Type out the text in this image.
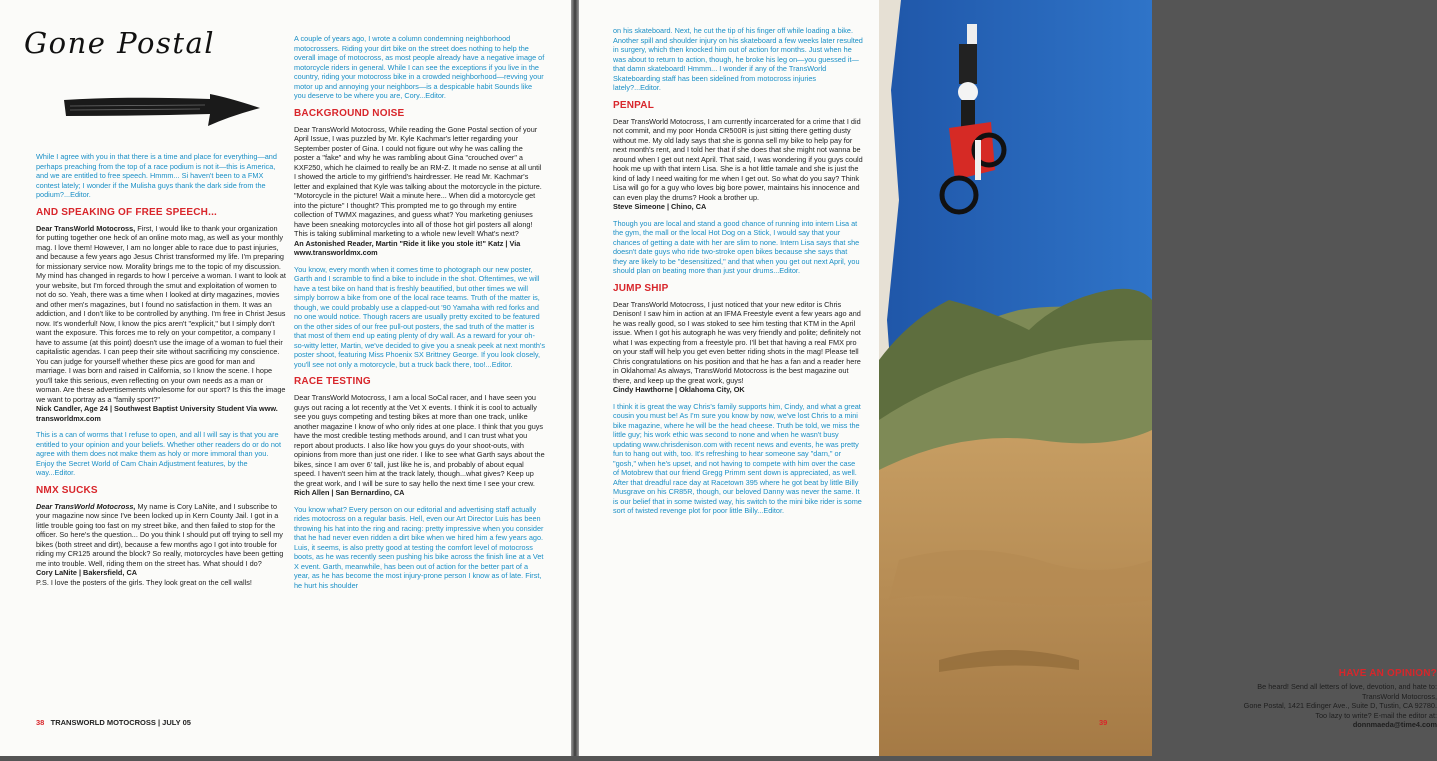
Gone Postal

While I agree with you in that there is a time and place for everything—and perhaps preaching from the top of a race podium is not it—this is America, and we are entitled to free speech. Hmmm... Si haven't been to a FMX contest lately; I wonder if the Mulisha guys thank the dark side from the podium?...Editor.

AND SPEAKING OF FREE SPEECH...

Dear TransWorld Motocross, First, I would like to thank your organization for putting together one heck of an online moto mag, as well as your monthly mag. I love them! However, I am no longer able to race due to past injuries, and because a few years ago Jesus Christ transformed my life. I'm preparing for missionary service now. Morality brings me to the topic of my discussion. My mind has changed in regards to how I perceive a woman. I want to look at your website, but I'm forced through the smut and exploitation of women to not do so. Yeah, there was a time when I looked at dirty magazines, movies and other men's magazines, but I found no satisfaction in them. It was an addiction, and I don't like to be controlled by anything. I'm free in Christ Jesus now. It's wonderful! Now, I know the pics aren't "explicit," but I simply don't want the exposure. This forces me to rely on your competitor, a company I have to assume (at this point) doesn't use the image of a woman to fuel their capitalistic agendas. I can peep their site without sacrificing my conscience. You can judge for yourself whether these pics are good for man and marriage. I was born and raised in California, so I know the scene. I hope you'll take this serious, even reflecting on your own needs as a man or woman. Are these advertisements wholesome for our sport? Is this the image we want to portray as a "family sport?"
Nick Candler, Age 24 | Southwest Baptist University Student Via www. transworldmx.com

This is a can of worms that I refuse to open, and all I will say is that you are entitled to your opinion and your beliefs. Whether other readers do or do not agree with them does not make them as holy or more immoral than you. Enjoy the Secret World of Cam Chain Adjustment features, by the way...Editor.

NMX SUCKS

Dear TransWorld Motocross, My name is Cory LaNite, and I subscribe to your magazine now since I've been locked up in Kern County Jail. I got in a little trouble going too fast on my street bike, and then failed to stop for the officer. So here's the question... Do you think I should put off trying to sell my bikes (both street and dirt), because a few months ago I got into trouble for riding my CR125 around the block? So really, motorcycles have been getting me into trouble. Well, riding them on the street has. What should I do?
Cory LaNite | Bakersfield, CA
P.S. I love the posters of the girls. They look great on the cell walls!

A couple of years ago, I wrote a column condemning neighborhood motocrossers. Riding your dirt bike on the street does nothing to help the overall image of motocross, as most people already have a negative image of motorcycle riders in general. While I can see the exceptions if you live in the country, riding your motocross bike in a crowded neighborhood—revving your motor up and annoying your neighbors—is a despicable habit Sounds like you deserve to be where you are, Cory...Editor.

BACKGROUND NOISE

Dear TransWorld Motocross, While reading the Gone Postal section of your April Issue, I was puzzled by Mr. Kyle Kachmar's letter regarding your September poster of Gina. I could not figure out why he was calling the poster a "fake" and why he was rambling about Gina "crouched over" a KXF250, which he claimed to really be an RM-Z. It made no sense at all until I showed the article to my girlfriend's hairdresser. He read Mr. Kachmar's letter and explained that Kyle was talking about the motorcycle in the picture. "Motorcycle in the picture! Wait a minute here... When did a motorcycle get into the picture" I thought? This prompted me to go through my entire collection of TWMX magazines, and guess what? You marketing geniuses have been sneaking motorcycles into all of those hot girl posters all along! This is taking subliminal marketing to a whole new level! What's next?
An Astonished Reader, Martin "Ride it like you stole it!" Katz | Via www.transworldmx.com

You know, every month when it comes time to photograph our new poster, Garth and I scramble to find a bike to include in the shot. Oftentimes, we will have a test bike on hand that is freshly beautified, but other times we will simply borrow a bike from one of the local race teams. Truth of the matter is, though, we could probably use a clapped-out '90 Yamaha with red forks and no one would notice. Though racers are usually pretty excited to be featured on the other sides of our free pull-out posters, the sad truth of the matter is that most of them end up eating plenty of dry wall. As a reward for your oh-so-witty letter, Martin, we've decided to give you a sneak peek at next month's poster shoot, featuring Miss Phoenix SX Brittney George. If you look closely, you'll see not only a motorcycle, but a truck back there, too!...Editor.

RACE TESTING

Dear TransWorld Motocross, I am a local SoCal racer, and I have seen you guys out racing a lot recently at the Vet X events. I think it is cool to actually see you guys competing and testing bikes at more than one track, unlike another magazine I know of who only rides at one place. I think that you guys have the most credible testing methods around, and I can trust what you report about products. I also like how you guys do your shoot-outs, with opinions from more than just one rider. I like to see what Garth says about the bikes, since I am over 6' tall, just like he is, and probably of about equal speed. I haven't seen him at the track lately, though...what gives? Keep up the great work, and I will be sure to say hello the next time I see your crew.
Rich Allen | San Bernardino, CA

You know what? Every person on our editorial and advertising staff actually rides motocross on a regular basis. Hell, even our Art Director Luis has been throwing his hat into the ring and racing: pretty impressive when you consider that he had never even ridden a dirt bike when we hired him a few years ago. Luis, it seems, is also pretty good at testing the comfort level of motocross boots, as he was recently seen pushing his bike across the finish line at a Vet X event. Garth, meanwhile, has been out of action for the better part of a year, as he has become the most injury-prone person I know as of late. First, he hurt his shoulder

38 TRANSWORLD MOTOCROSS | JULY 05

on his skateboard. Next, he cut the tip of his finger off while loading a bike. Another spill and shoulder injury on his skateboard a few weeks later resulted in surgery, which then knocked him out of action for months. Just when he was about to return to action, though, he broke his leg on—you guessed it—that damn skateboard! Hmmm... I wonder if any of the TransWorld Skateboarding staff has been sidelined from motocross injuries lately?...Editor.

PENPAL

Dear TransWorld Motocross, I am currently incarcerated for a crime that I did not commit, and my poor Honda CR500R is just sitting there getting dusty without me. My old lady says that she is gonna sell my bike to help pay for next month's rent, and I told her that if she does that she might not wanna be around when I get out next April. That said, I was wondering if you guys could hook me up with that intern Lisa. She is a hot little tamale and she is just the kind of lady I need waiting for me when I get out. So what do you say? Think Lisa will go for a guy who loves big bore power, maintains his innocence and can even play the drums? Hook a brother up.
Steve Simeone | Chino, CA

Though you are local and stand a good chance of running into intern Lisa at the gym, the mall or the local Hot Dog on a Stick, I would say that your chances of getting a date with her are slim to none. Intern Lisa says that she doesn't date guys who ride two-stroke open bikes because she says that they are likely to be "desensitized," and that when you get out next April, you should plan on beating more than just your drums...Editor.

JUMP SHIP

Dear TransWorld Motocross, I just noticed that your new editor is Chris Denison! I saw him in action at an IFMA Freestyle event a few years ago and he was really good, so I was stoked to see him testing that KTM in the April issue. When I got his autograph he was very friendly and polite; definitely not what I was expecting from a freestyle pro. I'll bet that having a real FMX pro on your staff will help you get even better riding shots in the mag! Please tell Chris congratulations on his position and that he has a fan and a reader here in Oklahoma! As always, TransWorld Motocross is the best magazine out there, and keep up the great work, guys!
Cindy Hawthorne | Oklahoma City, OK

I think it is great the way Chris's family supports him, Cindy, and what a great cousin you must be! As I'm sure you know by now, we've lost Chris to a mini bike magazine, where he will be the head cheese. Truth be told, we miss the little guy; his work ethic was second to none and when he wasn't busy updating www.chrisdenison.com with recent news and events, he was pretty fun to hang out with, too. It's refreshing to hear someone say "darn," or "gosh," when he's upset, and not having to compete with him over the case of Motobrew that our friend Gregg Primm sent down is appreciated, as well. After that dreadful race day at Racetown 395 where he got beat by little Billy Musgrave on his CR85R, though, our beloved Danny was never the same. It is our belief that in some twisted way, his switch to the mini bike rider is some sort of twisted revenge plot for poor little Billy...Editor.

HAVE AN OPINION?
Be heard! Send all letters of love, devotion, and hate to:
TransWorld Motocross,
Gone Postal, 1421 Edinger Ave., Suite D, Tustin, CA 92780.
Too lazy to write? E-mail the editor at:
donnmaeda@time4.com
39
